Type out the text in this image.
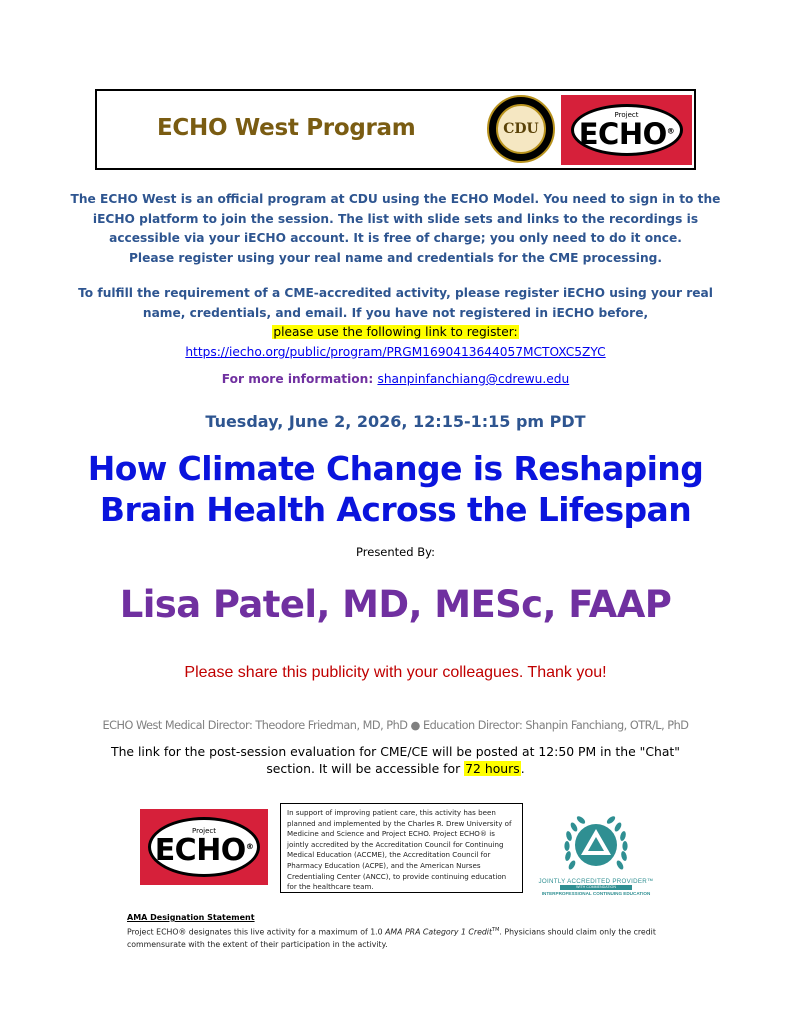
ECHO West Program	CDU
Project
ECHO®
The ECHO West is an official program at CDU using the ECHO Model. You need to sign in to the
iECHO platform to join the session. The list with slide sets and links to the recordings is
accessible via your iECHO account. It is free of charge; you only need to do it once.
Please register using your real name and credentials for the CME processing.
To fulfill the requirement of a CME-accredited activity, please register iECHO using your real
name, credentials, and email. If you have not registered in iECHO before,
please use the following link to register:
https://iecho.org/public/program/PRGM1690413644057MCTOXC5ZYC
For more information: shanpinfanchiang@cdrewu.edu
Tuesday, June 2, 2026, 12:15-1:15 pm PDT
How Climate Change is Reshaping
Brain Health Across the Lifespan
Presented By:
Lisa Patel, MD, MESc, FAAP
Please share this publicity with your colleagues. Thank you!
ECHO West Medical Director: Theodore Friedman, MD, PhD ● Education Director: Shanpin Fanchiang, OTR/L, PhD
The link for the post-session evaluation for CME/CE will be posted at 12:50 PM in the "Chat"
section. It will be accessible for 72 hours.
Project
ECHO®
In support of improving patient care, this activity has been planned and implemented by the Charles R. Drew University of Medicine and Science and Project ECHO. Project ECHO® is jointly accredited by the Accreditation Council for Continuing Medical Education (ACCME), the Accreditation Council for Pharmacy Education (ACPE), and the American Nurses Credentialing Center (ANCC), to provide continuing education for the healthcare team.
JOINTLY ACCREDITED PROVIDER™
WITH COMMENDATION
INTERPROFESSIONAL CONTINUING EDUCATION
AMA Designation Statement
Project ECHO® designates this live activity for a maximum of 1.0 AMA PRA Category 1 Credit™. Physicians should claim only the credit commensurate with the extent of their participation in the activity.
